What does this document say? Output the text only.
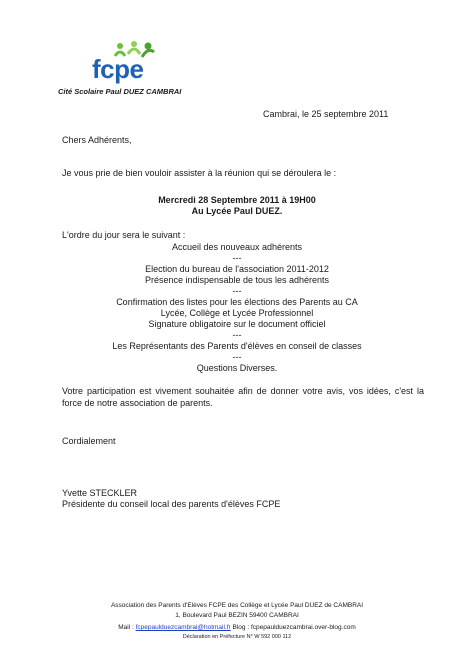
fcpe
Cité Scolaire Paul DUEZ CAMBRAI
Cambrai, le 25 septembre 2011
Chers Adhérents,
Je vous prie de bien vouloir assister à la réunion qui se déroulera le :
Mercredi 28 Septembre 2011 à 19H00
Au Lycée Paul DUEZ.
L'ordre du jour sera le suivant :
Accueil des nouveaux adhérents
---
Election du bureau de l'association 2011-2012
Présence indispensable de tous les adhérents
---
Confirmation des listes pour les élections des Parents au CA
Lycée, Collège et Lycée Professionnel
Signature obligatoire sur le document officiel
---
Les Représentants des Parents d'élèves en conseil de classes
---
Questions Diverses.
Votre participation est vivement souhaitée afin de donner votre avis, vos idées, c'est la force de notre association de parents.
Cordialement
Yvette STECKLER
Présidente du conseil local des parents d'élèves FCPE
Association des Parents d'Elèves FCPE des Collège et Lycée Paul DUEZ de CAMBRAI
1, Boulevard Paul BEZIN 59400 CAMBRAI
Mail : fcpepaulduezcambrai@hotmail.fr Blog : fcpepaulduezcambrai.over-blog.com
Déclaration en Préfecture N° W 592 000 112
